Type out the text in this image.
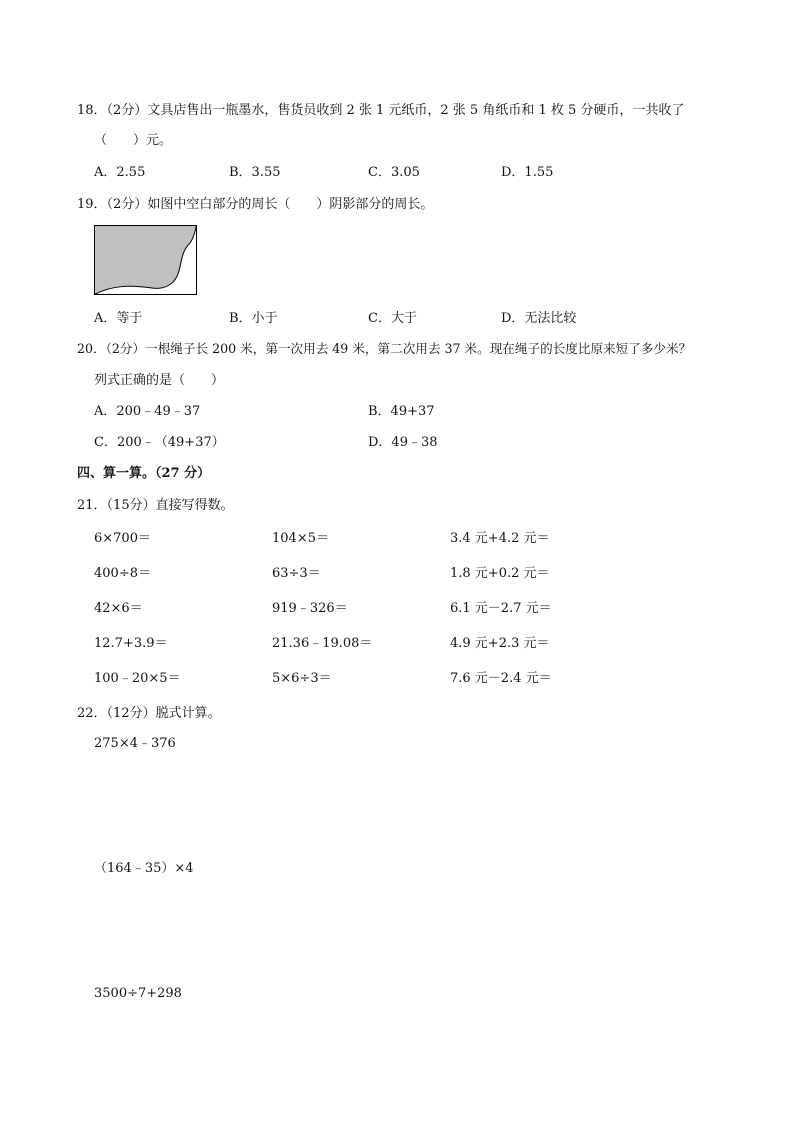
18．（2分）文具店售出一瓶墨水，售货员收到 2 张 1 元纸币，2 张 5 角纸币和 1 枚 5 分硬币，一共收了
（　　）元。
A．2.55	B．3.55	C．3.05	D．1.55
19．（2分）如图中空白部分的周长（　　）阴影部分的周长。
A．等于	B．小于	C．大于	D．无法比较
20．（2分）一根绳子长 200 米，第一次用去 49 米，第二次用去 37 米。现在绳子的长度比原来短了多少米？
列式正确的是（　　）
A．200﹣49﹣37	B．49+37
C．200﹣（49+37）	D．49﹣38
四、算一算。（27 分）
21．（15分）直接写得数。
6×700＝	104×5＝	3.4 元+4.2 元＝
400÷8＝	63÷3＝	1.8 元+0.2 元＝
42×6＝	919﹣326＝	6.1 元－2.7 元＝
12.7+3.9＝	21.36﹣19.08＝	4.9 元+2.3 元＝
100﹣20×5＝	5×6÷3＝	7.6 元－2.4 元＝
22．（12分）脱式计算。
275×4﹣376
（164﹣35）×4
3500÷7+298
